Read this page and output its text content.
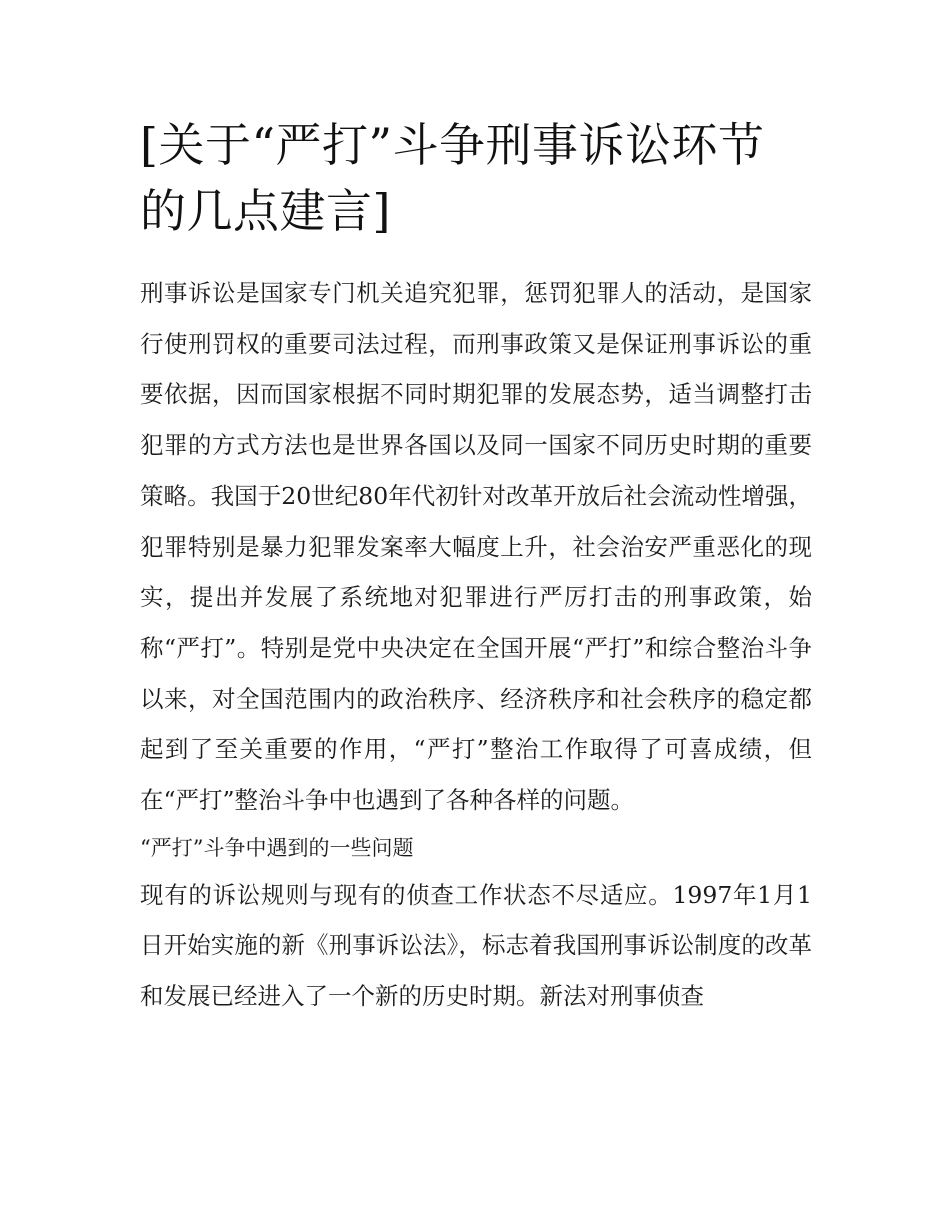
[关于“严打”斗争刑事诉讼环节
的几点建言]

刑事诉讼是国家专门机关追究犯罪，惩罚犯罪人的活动，是国家行使刑罚权的重要司法过程，而刑事政策又是保证刑事诉讼的重要依据，因而国家根据不同时期犯罪的发展态势，适当调整打击犯罪的方式方法也是世界各国以及同一国家不同历史时期的重要策略。我国于20世纪80年代初针对改革开放后社会流动性增强，犯罪特别是暴力犯罪发案率大幅度上升，社会治安严重恶化的现实，提出并发展了系统地对犯罪进行严厉打击的刑事政策，始称“严打”。特别是党中央决定在全国开展“严打”和综合整治斗争以来，对全国范围内的政治秩序、经济秩序和社会秩序的稳定都起到了至关重要的作用，“严打”整治工作取得了可喜成绩，但在“严打”整治斗争中也遇到了各种各样的问题。

“严打”斗争中遇到的一些问题

现有的诉讼规则与现有的侦查工作状态不尽适应。1997年1月1日开始实施的新《刑事诉讼法》，标志着我国刑事诉讼制度的改革和发展已经进入了一个新的历史时期。新法对刑事侦查
